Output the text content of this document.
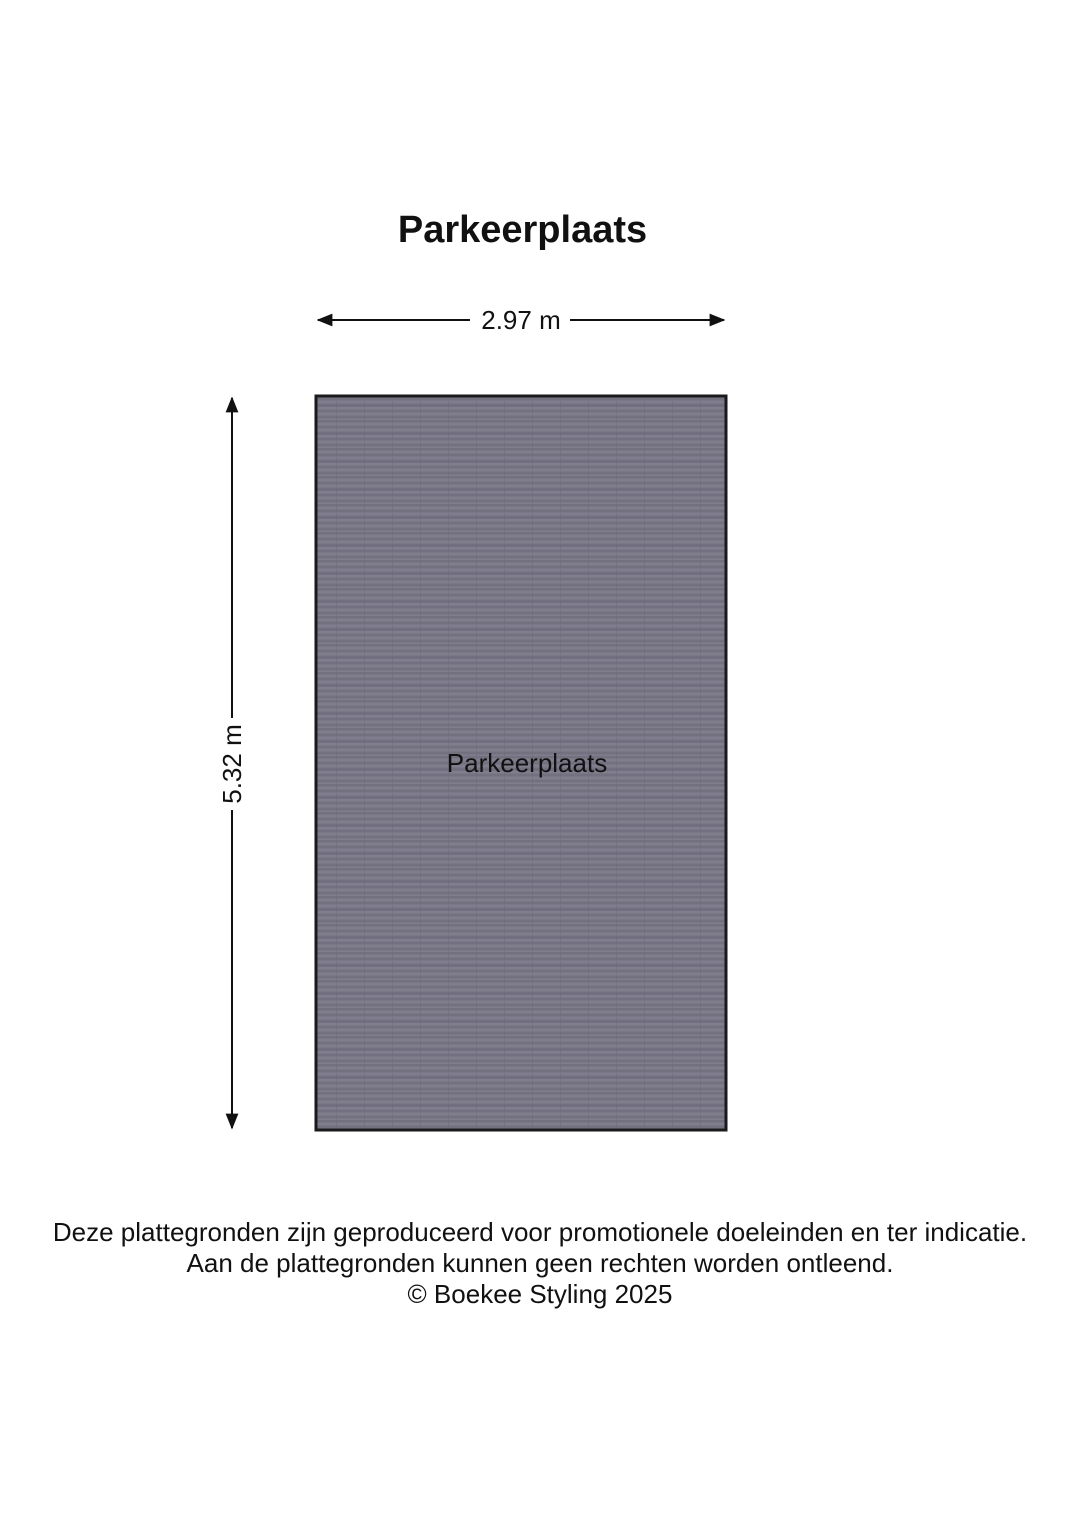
Parkeerplaats
2.97 m
5.32 m	Parkeerplaats
Deze plattegronden zijn geproduceerd voor promotionele doeleinden en ter indicatie.
Aan de plattegronden kunnen geen rechten worden ontleend.
© Boekee Styling 2025
